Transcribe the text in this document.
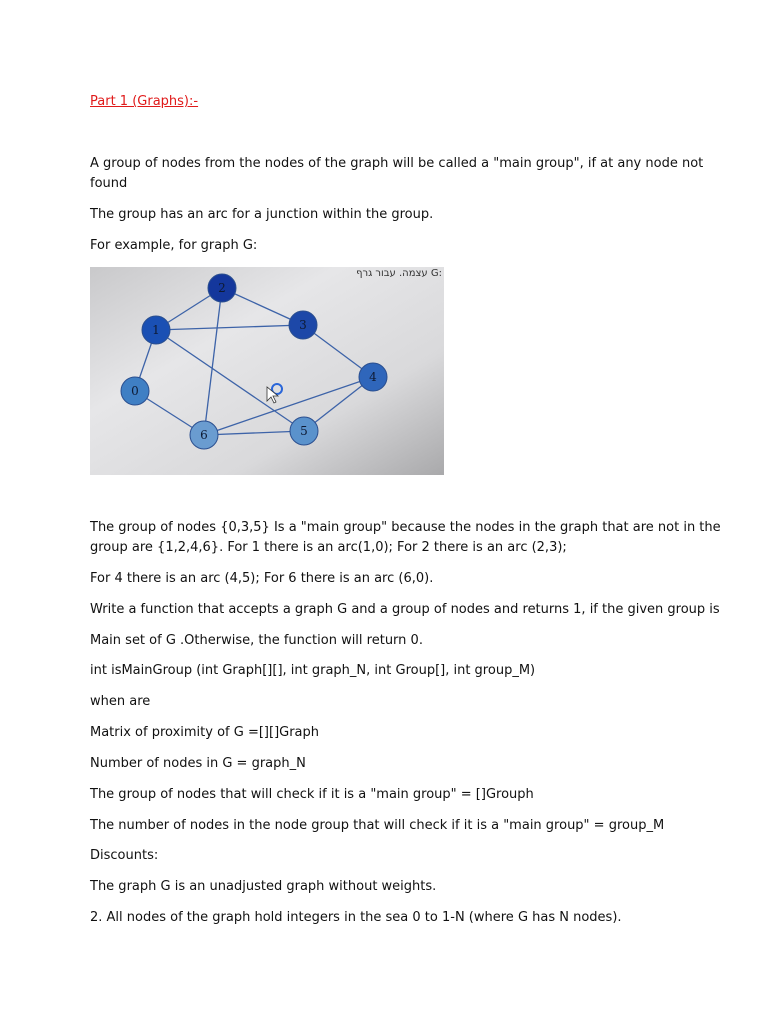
Part 1 (Graphs):-
A group of nodes from the nodes of the graph will be called a "main group", if at any node not
found
The group has an arc for a junction within the group.
For example, for graph G:
עצמה. עבור גרף G:
0
1
2
3
4
5
6
The group of nodes {0,3,5} Is a "main group" because the nodes in the graph that are not in the
group are {1,2,4,6}. For 1 there is an arc(1,0); For 2 there is an arc (2,3);
For 4 there is an arc (4,5); For 6 there is an arc (6,0).
Write a function that accepts a graph G and a group of nodes and returns 1, if the given group is
Main set of G .Otherwise, the function will return 0.
int isMainGroup (int Graph[][], int graph_N, int Group[], int group_M)
when are
Matrix of proximity of G =[][]Graph
Number of nodes in G = graph_N
The group of nodes that will check if it is a "main group" = []Grouph
The number of nodes in the node group that will check if it is a "main group" = group_M
Discounts:
The graph G is an unadjusted graph without weights.
2. All nodes of the graph hold integers in the sea 0 to 1-N (where G has N nodes).
